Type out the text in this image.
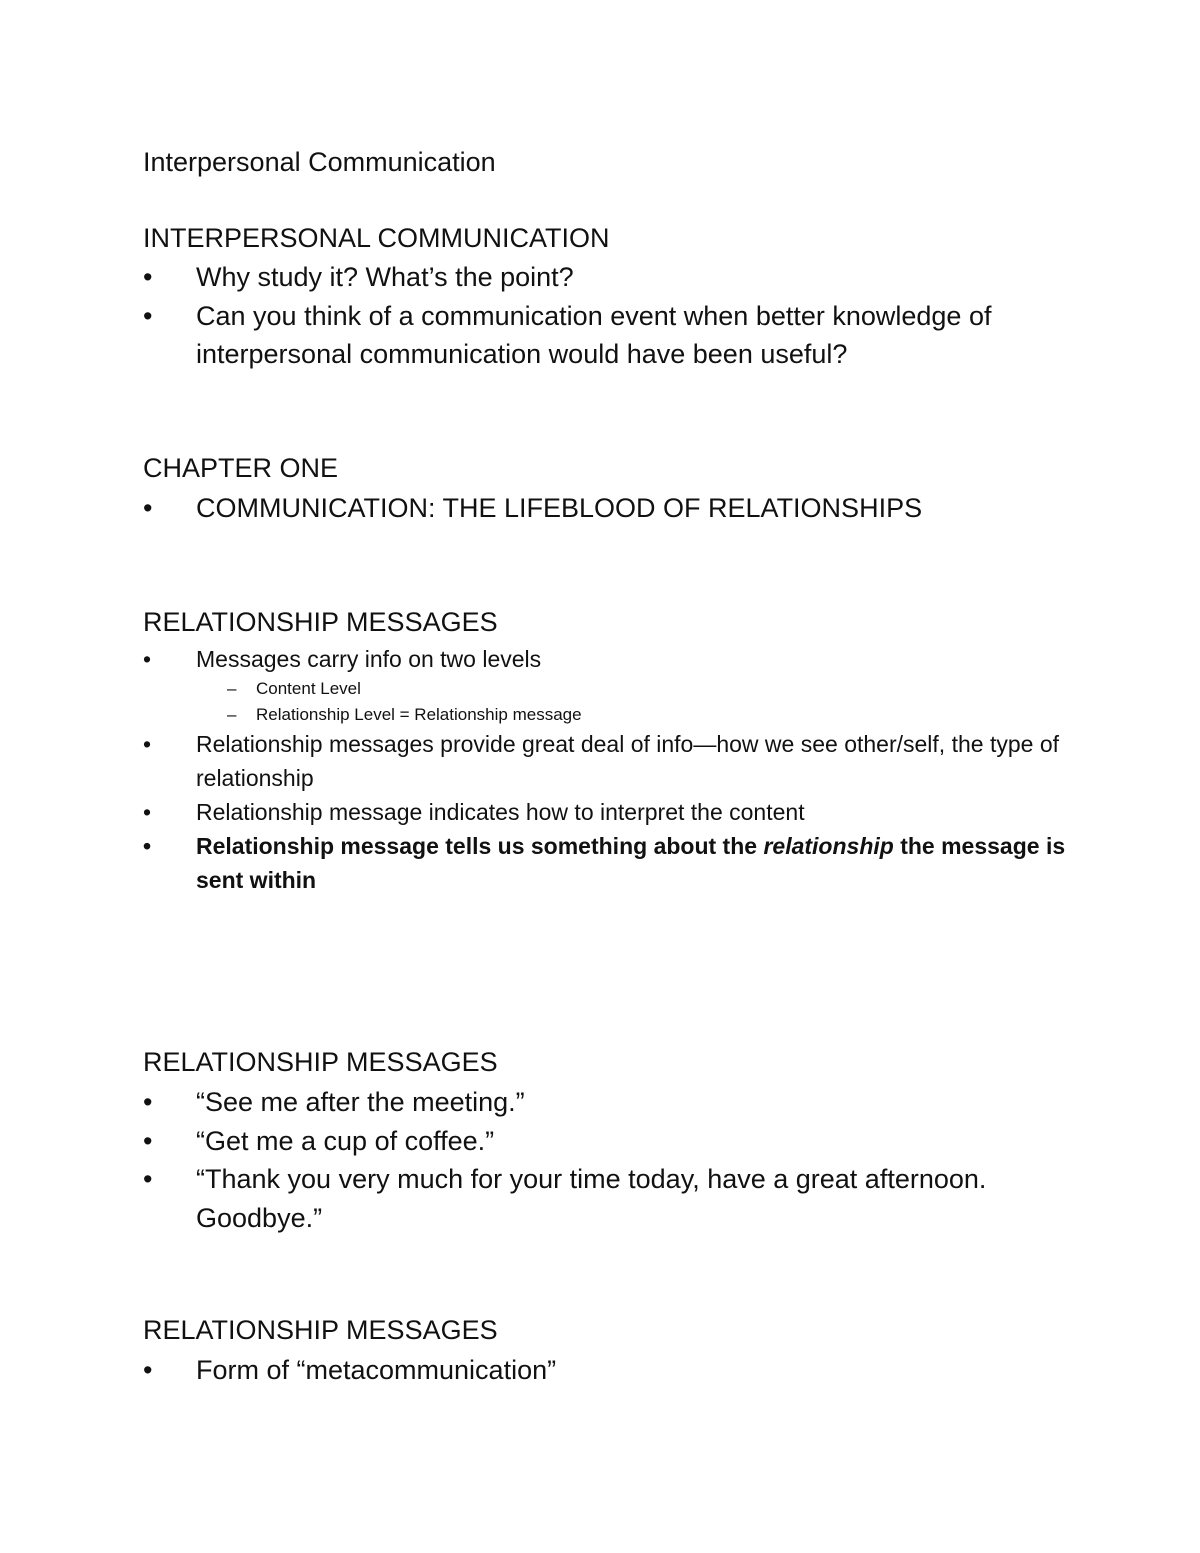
Interpersonal Communication
INTERPERSONAL COMMUNICATION
• Why study it? What’s the point?
• Can you think of a communication event when better knowledge of interpersonal communication would have been useful?
CHAPTER ONE
• COMMUNICATION: THE LIFEBLOOD OF RELATIONSHIPS
RELATIONSHIP MESSAGES
• Messages carry info on two levels
– Content Level
– Relationship Level = Relationship message
• Relationship messages provide great deal of info—how we see other/self, the type of relationship
• Relationship message indicates how to interpret the content
• Relationship message tells us something about the relationship the message is sent within
RELATIONSHIP MESSAGES
• “See me after the meeting.”
• “Get me a cup of coffee.”
• “Thank you very much for your time today, have a great afternoon. Goodbye.”
RELATIONSHIP MESSAGES
• Form of “metacommunication”
